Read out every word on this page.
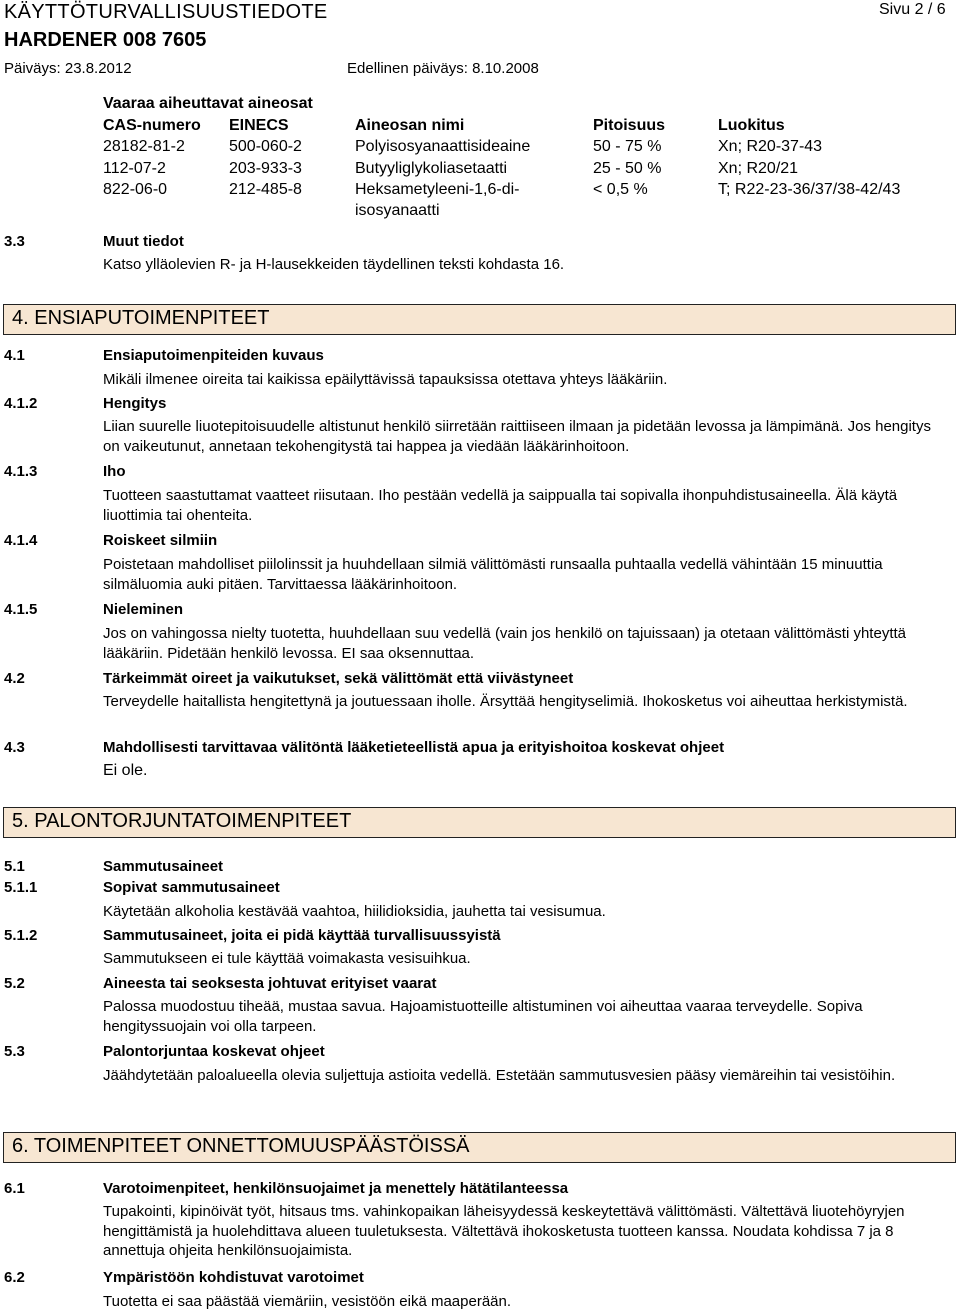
KÄYTTÖTURVALLISUUSTIEDOTE	Sivu 2 / 6
HARDENER 008 7605
Päiväys: 23.8.2012	Edellinen päiväys: 8.10.2008
Vaaraa aiheuttavat aineosat
CAS-numero EINECS	Aineosan nimi	Pitoisuus	Luokitus
28182-81-2	500-060-2	Polyisosyanaattisideaine	50 - 75 %	Xn; R20-37-43
112-07-2	203-933-3	Butyyliglykoliasetaatti	25 - 50 %	Xn; R20/21
822-06-0	212-485-8	Heksametyleeni-1,6-di-	< 0,5 %	T; R22-23-36/37/38-42/43
isosyanaatti
3.3	Muut tiedot
Katso ylläolevien R- ja H-lausekkeiden täydellinen teksti kohdasta 16.
4. ENSIAPUTOIMENPITEET
4.1	Ensiaputoimenpiteiden kuvaus
Mikäli ilmenee oireita tai kaikissa epäilyttävissä tapauksissa otettava yhteys lääkäriin.
4.1.2	Hengitys
Liian suurelle liuotepitoisuudelle altistunut henkilö siirretään raittiiseen ilmaan ja pidetään levossa ja lämpimänä. Jos hengitys on vaikeutunut, annetaan tekohengitystä tai happea ja viedään lääkärinhoitoon.
4.1.3	Iho
Tuotteen saastuttamat vaatteet riisutaan. Iho pestään vedellä ja saippualla tai sopivalla ihonpuhdistusaineella. Älä käytä liuottimia tai ohenteita.
4.1.4	Roiskeet silmiin
Poistetaan mahdolliset piilolinssit ja huuhdellaan silmiä välittömästi runsaalla puhtaalla vedellä vähintään 15 minuuttia silmäluomia auki pitäen. Tarvittaessa lääkärinhoitoon.
4.1.5	Nieleminen
Jos on vahingossa nielty tuotetta, huuhdellaan suu vedellä (vain jos henkilö on tajuissaan) ja otetaan välittömästi yhteyttä lääkäriin. Pidetään henkilö levossa. EI saa oksennuttaa.
4.2	Tärkeimmät oireet ja vaikutukset, sekä välittömät että viivästyneet
Terveydelle haitallista hengitettynä ja joutuessaan iholle. Ärsyttää hengityselimiä. Ihokosketus voi aiheuttaa herkistymistä.
4.3	Mahdollisesti tarvittavaa välitöntä lääketieteellistä apua ja erityishoitoa koskevat ohjeet
Ei ole.
5. PALONTORJUNTATOIMENPITEET
5.1	Sammutusaineet
5.1.1	Sopivat sammutusaineet
Käytetään alkoholia kestävää vaahtoa, hiilidioksidia, jauhetta tai vesisumua.
5.1.2	Sammutusaineet, joita ei pidä käyttää turvallisuussyistä
Sammutukseen ei tule käyttää voimakasta vesisuihkua.
5.2	Aineesta tai seoksesta johtuvat erityiset vaarat
Palossa muodostuu tiheää, mustaa savua. Hajoamistuotteille altistuminen voi aiheuttaa vaaraa terveydelle. Sopiva hengityssuojain voi olla tarpeen.
5.3	Palontorjuntaa koskevat ohjeet
Jäähdytetään paloalueella olevia suljettuja astioita vedellä. Estetään sammutusvesien pääsy viemäreihin tai vesistöihin.
6. TOIMENPITEET ONNETTOMUUSPÄÄSTÖISSÄ
6.1	Varotoimenpiteet, henkilönsuojaimet ja menettely hätätilanteessa
Tupakointi, kipinöivät työt, hitsaus tms. vahinkopaikan läheisyydessä keskeytettävä välittömästi. Vältettävä liuotehöyryjen hengittämistä ja huolehdittava alueen tuuletuksesta. Vältettävä ihokosketusta tuotteen kanssa. Noudata kohdissa 7 ja 8 annettuja ohjeita henkilönsuojaimista.
6.2	Ympäristöön kohdistuvat varotoimet
Tuotetta ei saa päästää viemäriin, vesistöön eikä maaperään.
